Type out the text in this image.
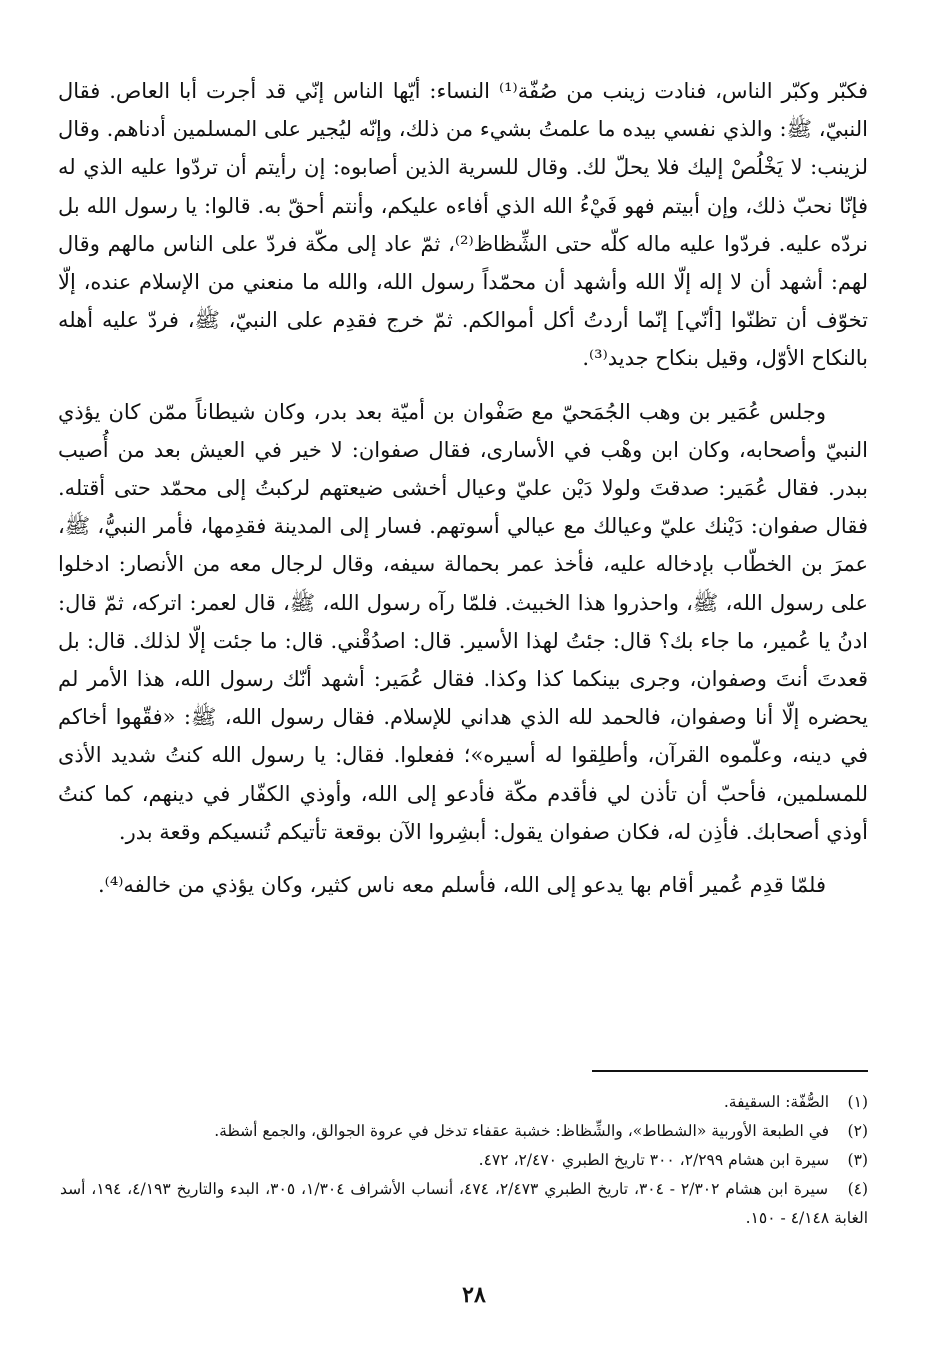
فكبّر وكبّر الناس، فنادت زينب من صُفّة⁽¹⁾ النساء: أيّها الناس إنّي قد أجرت أبا العاص. فقال النبيّ، ﷺ: والذي نفسي بيده ما علمتُ بشيء من ذلك، وإنّه ليُجير على المسلمين أدناهم. وقال لزينب: لا يَخْلُصْ إليك فلا يحلّ لك. وقال للسرية الذين أصابوه: إن رأيتم أن تردّوا عليه الذي له فإنّا نحبّ ذلك، وإن أبيتم فهو فَيْءُ الله الذي أفاءه عليكم، وأنتم أحقّ به. قالوا: يا رسول الله بل نردّه عليه. فردّوا عليه ماله كلّه حتى الشِّظاظ⁽²⁾، ثمّ عاد إلى مكّة فردّ على الناس مالهم وقال لهم: أشهد أن لا إله إلّا الله وأشهد أن محمّداً رسول الله، والله ما منعني من الإسلام عنده، إلّا تخوّف أن تظنّوا [أنّي] إنّما أردتُ أكل أموالكم. ثمّ خرج فقدِم على النبيّ، ﷺ، فردّ عليه أهله بالنكاح الأوّل، وقيل بنكاح جديد⁽³⁾.

وجلس عُمَير بن وهب الجُمَحيّ مع صَفْوان بن أميّة بعد بدر، وكان شيطاناً ممّن كان يؤذي النبيّ وأصحابه، وكان ابن وهْب في الأسارى، فقال صفوان: لا خير في العيش بعد من أُصيب ببدر. فقال عُمَير: صدقتَ ولولا دَيْن عليّ وعيال أخشى ضيعتهم لركبتُ إلى محمّد حتى أقتله. فقال صفوان: دَيْنك عليّ وعيالك مع عيالي أسوتهم. فسار إلى المدينة فقدِمها، فأمر النبيُّ، ﷺ، عمرَ بن الخطّاب بإدخاله عليه، فأخذ عمر بحمالة سيفه، وقال لرجال معه من الأنصار: ادخلوا على رسول الله، ﷺ، واحذروا هذا الخبيث. فلمّا رآه رسول الله، ﷺ، قال لعمر: اتركه، ثمّ قال: ادنُ يا عُمير، ما جاء بك؟ قال: جئتُ لهذا الأسير. قال: اصدُقْني. قال: ما جئت إلّا لذلك. قال: بل قعدتَ أنتَ وصفوان، وجرى بينكما كذا وكذا. فقال عُمَير: أشهد أنّك رسول الله، هذا الأمر لم يحضره إلّا أنا وصفوان، فالحمد لله الذي هداني للإسلام. فقال رسول الله، ﷺ: «فقّهوا أخاكم في دينه، وعلّموه القرآن، وأطلِقوا له أسيره»؛ ففعلوا. فقال: يا رسول الله كنتُ شديد الأذى للمسلمين، فأحبّ أن تأذن لي فأقدم مكّة فأدعو إلى الله، وأوذي الكفّار في دينهم، كما كنتُ أوذي أصحابك. فأذِن له، فكان صفوان يقول: أبشِروا الآن بوقعة تأتيكم تُنسيكم وقعة بدر.

فلمّا قدِم عُمير أقام بها يدعو إلى الله، فأسلم معه ناس كثير، وكان يؤذي من خالفه⁽⁴⁾.

(١) الصُّفّة: السقيفة.

(٢) في الطبعة الأوربية «الشطاط»، والشِّظاظ: خشبة عقفاء تدخل في عروة الجوالق، والجمع أشظة.

(٣) سيرة ابن هشام ٢/٢٩٩، ٣٠٠ تاريخ الطبري ٢/٤٧٠، ٤٧٢.

(٤) سيرة ابن هشام ٢/٣٠٢ - ٣٠٤، تاريخ الطبري ٢/٤٧٣، ٤٧٤، أنساب الأشراف ١/٣٠٤، ٣٠٥، البدء والتاريخ ٤/١٩٣، ١٩٤، أسد الغابة ٤/١٤٨ - ١٥٠.

٢٨
